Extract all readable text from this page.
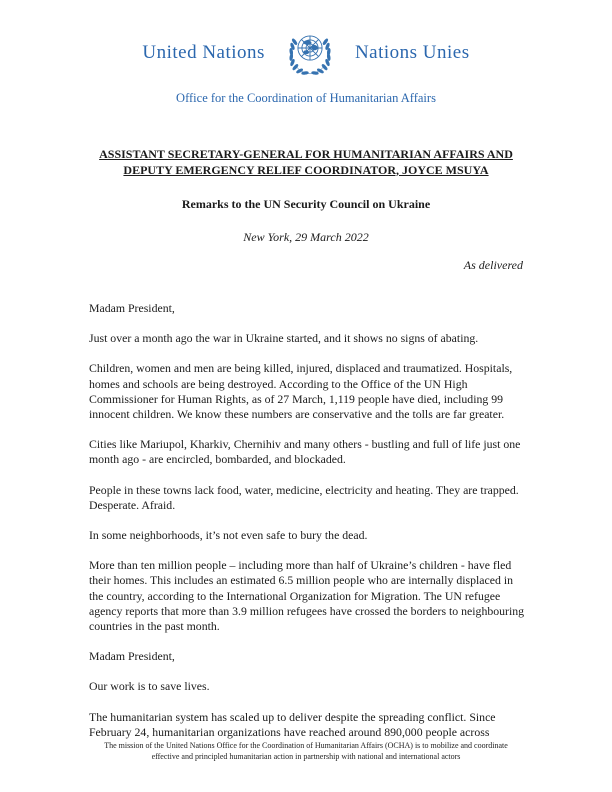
United Nations	Nations Unies
Office for the Coordination of Humanitarian Affairs
ASSISTANT SECRETARY-GENERAL FOR HUMANITARIAN AFFAIRS AND
DEPUTY EMERGENCY RELIEF COORDINATOR, JOYCE MSUYA
Remarks to the UN Security Council on Ukraine
New York, 29 March 2022
As delivered

Madam President,

Just over a month ago the war in Ukraine started, and it shows no signs of abating.

Children, women and men are being killed, injured, displaced and traumatized. Hospitals, homes and schools are being destroyed. According to the Office of the UN High Commissioner for Human Rights, as of 27 March, 1,119 people have died, including 99 innocent children. We know these numbers are conservative and the tolls are far greater.

Cities like Mariupol, Kharkiv, Chernihiv and many others - bustling and full of life just one month ago - are encircled, bombarded, and blockaded.

People in these towns lack food, water, medicine, electricity and heating. They are trapped. Desperate. Afraid.

In some neighborhoods, it’s not even safe to bury the dead.

More than ten million people – including more than half of Ukraine’s children - have fled their homes. This includes an estimated 6.5 million people who are internally displaced in the country, according to the International Organization for Migration. The UN refugee agency reports that more than 3.9 million refugees have crossed the borders to neighbouring countries in the past month.

Madam President,

Our work is to save lives.

The humanitarian system has scaled up to deliver despite the spreading conflict. Since February 24, humanitarian organizations have reached around 890,000 people across

The mission of the United Nations Office for the Coordination of Humanitarian Affairs (OCHA) is to mobilize and coordinate
effective and principled humanitarian action in partnership with national and international actors
